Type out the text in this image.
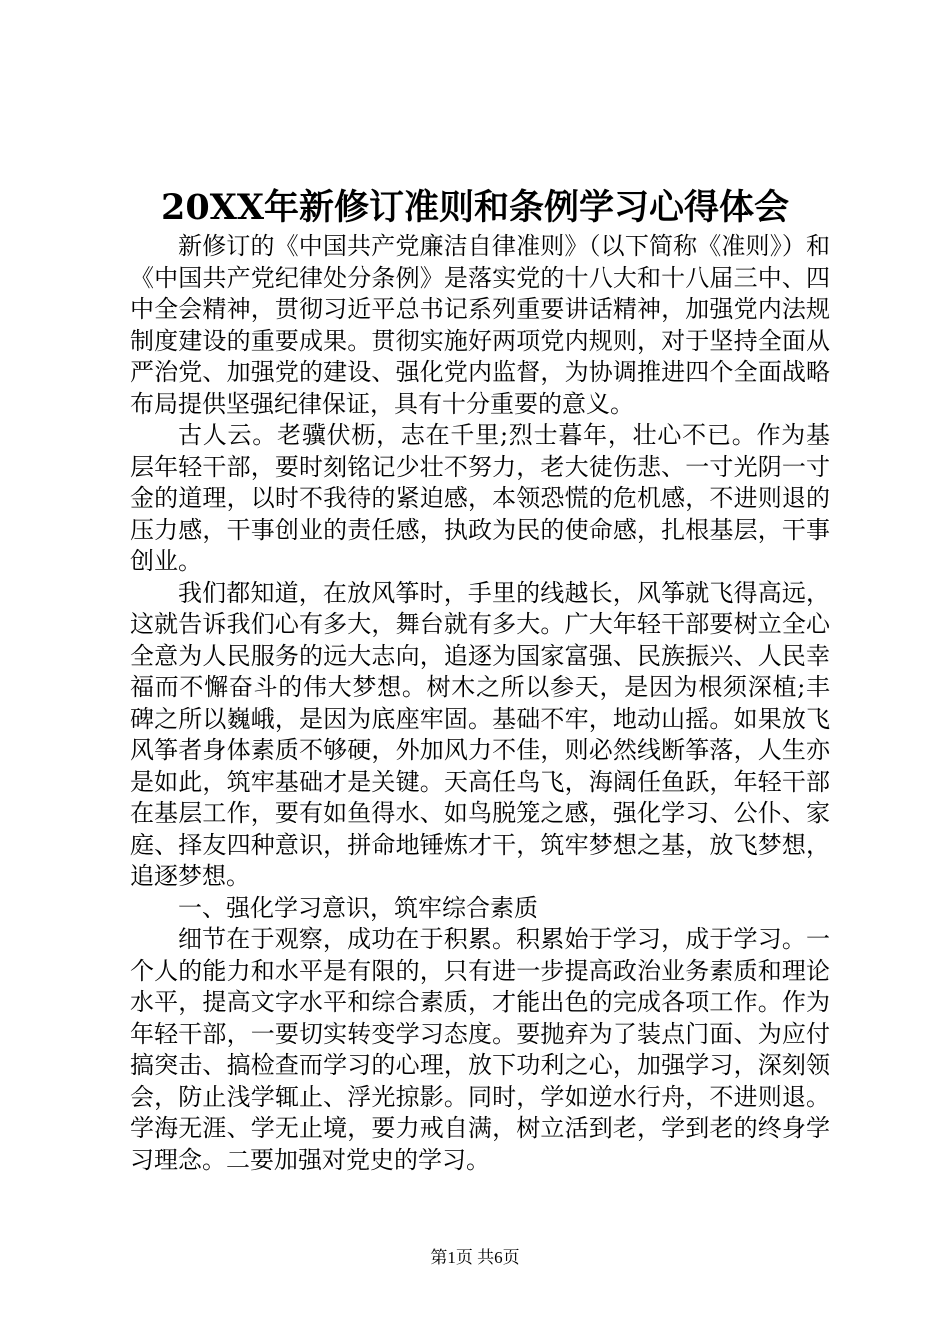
20XX年新修订准则和条例学习心得体会

新修订的《中国共产党廉洁自律准则》（以下简称《准则》）和《中国共产党纪律处分条例》是落实党的十八大和十八届三中、四中全会精神，贯彻习近平总书记系列重要讲话精神，加强党内法规制度建设的重要成果。贯彻实施好两项党内规则，对于坚持全面从严治党、加强党的建设、强化党内监督，为协调推进四个全面战略布局提供坚强纪律保证，具有十分重要的意义。

古人云。老骥伏枥，志在千里;烈士暮年，壮心不已。作为基层年轻干部，要时刻铭记少壮不努力，老大徒伤悲、一寸光阴一寸金的道理，以时不我待的紧迫感，本领恐慌的危机感，不进则退的压力感，干事创业的责任感，执政为民的使命感，扎根基层，干事创业。

我们都知道，在放风筝时，手里的线越长，风筝就飞得高远，这就告诉我们心有多大，舞台就有多大。广大年轻干部要树立全心全意为人民服务的远大志向，追逐为国家富强、民族振兴、人民幸福而不懈奋斗的伟大梦想。树木之所以参天，是因为根须深植;丰碑之所以巍峨，是因为底座牢固。基础不牢，地动山摇。如果放飞风筝者身体素质不够硬，外加风力不佳，则必然线断筝落，人生亦是如此，筑牢基础才是关键。天高任鸟飞，海阔任鱼跃，年轻干部在基层工作，要有如鱼得水、如鸟脱笼之感，强化学习、公仆、家庭、择友四种意识，拼命地锤炼才干，筑牢梦想之基，放飞梦想，追逐梦想。

一、强化学习意识，筑牢综合素质

细节在于观察，成功在于积累。积累始于学习，成于学习。一个人的能力和水平是有限的，只有进一步提高政治业务素质和理论水平，提高文字水平和综合素质，才能出色的完成各项工作。作为年轻干部，一要切实转变学习态度。要抛弃为了装点门面、为应付搞突击、搞检查而学习的心理，放下功利之心，加强学习，深刻领会，防止浅学辄止、浮光掠影。同时，学如逆水行舟，不进则退。学海无涯、学无止境，要力戒自满，树立活到老，学到老的终身学习理念。二要加强对党史的学习。

第1页 共6页
